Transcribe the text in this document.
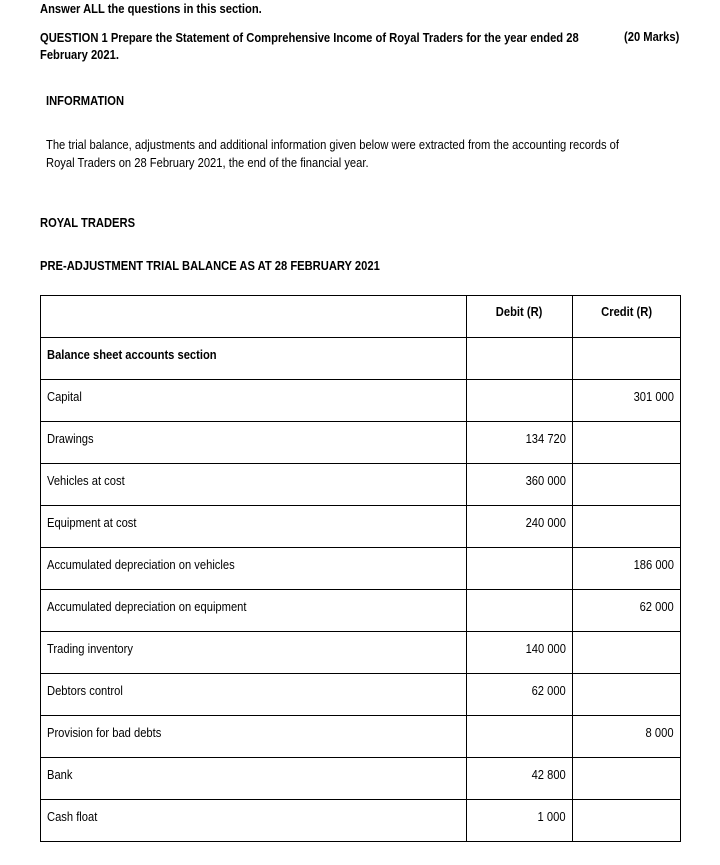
Answer ALL the questions in this section.
QUESTION 1 Prepare the Statement of Comprehensive Income of Royal Traders for the year ended 28 February 2021.
(20 Marks)
INFORMATION
The trial balance, adjustments and additional information given below were extracted from the accounting records of
Royal Traders on 28 February 2021, the end of the financial year.
ROYAL TRADERS
PRE-ADJUSTMENT TRIAL BALANCE AS AT 28 FEBRUARY 2021
	Debit (R)	Credit (R)
Balance sheet accounts section		
Capital		301 000
Drawings	134 720	
Vehicles at cost	360 000	
Equipment at cost	240 000	
Accumulated depreciation on vehicles		186 000
Accumulated depreciation on equipment		62 000
Trading inventory	140 000	
Debtors control	62 000	
Provision for bad debts		8 000
Bank	42 800	
Cash float	1 000	
